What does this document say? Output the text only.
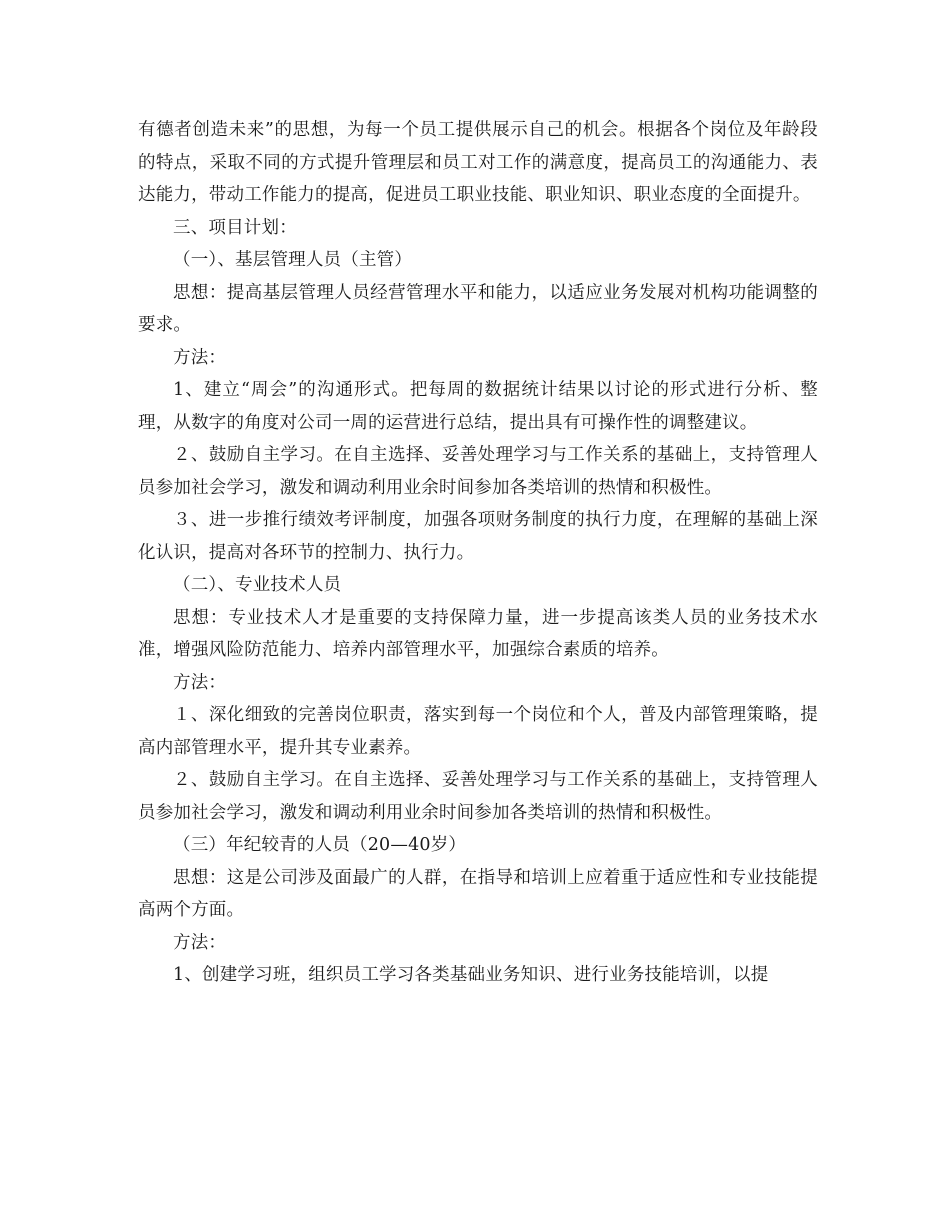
有德者创造未来”的思想，为每一个员工提供展示自己的机会。根据各个岗位及年龄段的特点，采取不同的方式提升管理层和员工对工作的满意度，提高员工的沟通能力、表达能力，带动工作能力的提高，促进员工职业技能、职业知识、职业态度的全面提升。

三、项目计划：

（一）、基层管理人员（主管）

思想：提高基层管理人员经营管理水平和能力，以适应业务发展对机构功能调整的要求。

方法：

1、建立“周会”的沟通形式。把每周的数据统计结果以讨论的形式进行分析、整理，从数字的角度对公司一周的运营进行总结，提出具有可操作性的调整建议。

２、鼓励自主学习。在自主选择、妥善处理学习与工作关系的基础上，支持管理人员参加社会学习，激发和调动利用业余时间参加各类培训的热情和积极性。

３、进一步推行绩效考评制度，加强各项财务制度的执行力度，在理解的基础上深化认识，提高对各环节的控制力、执行力。

（二）、专业技术人员

思想：专业技术人才是重要的支持保障力量，进一步提高该类人员的业务技术水准，增强风险防范能力、培养内部管理水平，加强综合素质的培养。

方法：

１、深化细致的完善岗位职责，落实到每一个岗位和个人，普及内部管理策略，提高内部管理水平，提升其专业素养。

２、鼓励自主学习。在自主选择、妥善处理学习与工作关系的基础上，支持管理人员参加社会学习，激发和调动利用业余时间参加各类培训的热情和积极性。

（三）年纪较青的人员（20—40岁）

思想：这是公司涉及面最广的人群，在指导和培训上应着重于适应性和专业技能提高两个方面。

方法：

1、创建学习班，组织员工学习各类基础业务知识、进行业务技能培训，以提
